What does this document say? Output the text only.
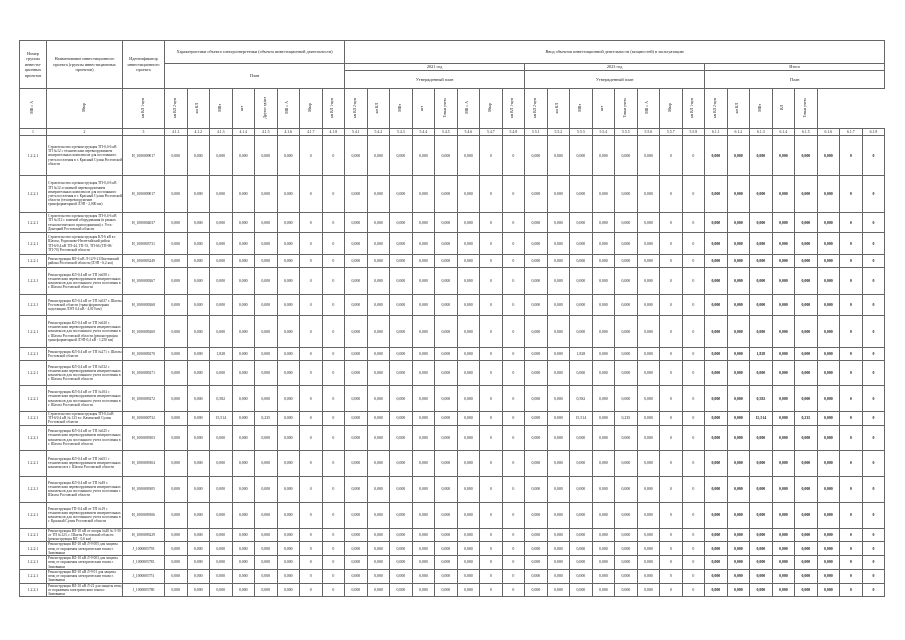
Номер группы инвести-ционных проектов	Наименование инвестиционного проекта (группы инвестиционных проектов)	Идентификатор инвестиционного проекта	Характеристики объекта электроэнергетики (объекта инвестиционной деятельности)								Ввод объектов инвестиционной деятельности (мощностей) в эксплуатацию																							
			План								2021 год								2023 год								Итого							
											Утвержденный план								Утвержденный план								План							
МВ×А	Мвар	км ВЛ 1-цеп	км ВЛ 2-цеп	км КЛ	МВт	шт	Другое ед/шт	МВ×А	Мвар	км ВЛ 1-цеп	км ВЛ 2-цеп	км КЛ	МВт	шт	Точки учета	МВ×А	Мвар	км ВЛ 1-цеп	км ВЛ 2-цеп	км КЛ	МВт	шт	Точки учета	МВ×А	Мвар	км ВЛ 1-цеп	км ВЛ 2-цеп	км КЛ	МВт	ВЛ	Точки учета			
1	2	3	4.1.1	4.1.2	4.1.3	4.1.4	4.1.5	4.1.6	4.1.7	4.1.8	5.4.1	5.4.2	5.4.3	5.4.4	5.4.5	5.4.6	5.4.7	5.4.8	5.5.1	5.5.2	5.5.3	5.5.4	5.5.5	5.5.6	5.5.7	5.5.8	6.1.1	6.1.2	6.1.3	6.1.4	6.1.5	6.1.6	6.1.7	6.1.8
1.2.2.1	Строительство и реконструкция ТП-0,4-6 кВ ТП №12 с техническим перевооружением измерительных комплексов для постоянного учета поселения в г. Красный Сулин Ростовской области	Н_1000009017	0,000	0,000	0,000	0,000	0,000	0,000	0	0	0,000	0,000	0,000	0,000	0,000	0,000	0	0	0,000	0,000	0,000	0,000	0,000	0,000	0	0	0,000	0,000	0,000	0,000	0,000	0,000	0	0
1.2.2.1	Строительство и реконструкция ТП-0,4-6 кВ ТП №12 и заменой перевооружением измерительных комплексов для постоянного учета поселения в г. Красный Сулин Ростовской области (техперевооружение трансформаторной ЛЭП - 2,000 км)	Н_1000009017	0,000	0,000	0,000	0,000	0,000	0,000	0	0	0,000	0,000	0,000	0,000	0,000	0,000	0	0	0,000	0,000	0,000	0,000	0,000	0,000	0	0	0,000	0,000	0,000	0,000	0,000	0,000	0	0
1.2.2.1	Строительство и реконструкция ТП-0,4-6 кВ ТП №112 с заменой оборудования (в рамках технологического присоединения) г. Усть-Донецкий Ростовской области	Н_1000004037	0,000	0,000	0,000	0,000	0,000	0,000	0	0	0,000	0,000	0,000	0,000	0,000	0,000	0	0	0,000	0,000	0,000	0,000	0,000	0,000	0	0	0,000	0,000	0,000	0,000	0,000	0,000	0	0
1.2.2.1	Строительство и реконструкция КЛ-6 кВ в г. Шахты, Родионово-Несветайский район ТП-6/0,4 кВ ТП-44, ТП-53, ТП-66 (ТП-69/ТП-70) Ростовской области	Н_1000003731	0,000	0,000	0,000	0,000	0,000	0,000	0	0	0,000	0,000	0,000	0,000	0,000	0,000	0	0	0,000	0,000	0,000	0,000	0,000	0,000	0	0	0,000	0,000	0,000	0,000	0,000	0,000	0	0
1.2.2.1	Реконструкция ВЛ-6 кВ Л-12/9-2 Шахтинский района Ростовской области (ЛЭП - 6,2 км)	Н_1000003249	0,000	0,000	0,000	0,000	0,000	0,000	0	0	0,000	0,000	0,000	0,000	0,000	0,000	0	0	0,000	0,000	0,000	0,000	0,000	0,000	0	0	0,000	0,000	0,000	0,000	0,000	0,000	0	0
1.2.2.1	Реконструкция КЛ-0,4 кВ от ТП №658 с техническим перевооружением измерительных комплексов для постоянного учета поселения в г. Шахты Ростовской области	Н_1000009267	0,000	0,000	0,000	0,000	0,000	0,000	0	0	0,000	0,000	0,000	0,000	0,000	0,000	0	0	0,000	0,000	0,000	0,000	0,000	0,000	0	0	0,000	0,000	0,000	0,000	0,000	0,000	0	0
1.2.2.1	Реконструкция КЛ-0,4 кВ от ТП №637 г. Шахты Ростовской области (трансформаторная подстанция ЛЭП 0,4 кВ - 4,019 км)	Н_1000009268	0,000	0,000	0,000	0,000	0,000	0,000	0	0	0,000	0,000	0,000	0,000	0,000	0,000	0	0	0,000	0,000	0,000	0,000	0,000	0,000	0	0	0,000	0,000	0,000	0,000	0,000	0,000	0	0
1.2.2.1	Реконструкция КЛ-0,4 кВ от ТП №620 с техническим перевооружением измерительных комплексов для постоянного учета поселения в г. Шахты Ростовской области (реконструкция трансформаторной ЛЭП-0,4 кВ - 1,250 км)	Н_1000009269	0,000	0,000	0,000	0,000	0,000	0,000	0	0	0,000	0,000	0,000	0,000	0,000	0,000	0	0	0,000	0,000	0,000	0,000	0,000	0,000	0	0	0,000	0,000	0,000	0,000	0,000	0,000	0	0
1.2.2.1	Реконструкция КЛ-0,4 кВ от ТП №271 г. Шахты Ростовской области	Н_1000009270	0,000	0,000	1,828	0,000	0,000	0,000	0	0	0,000	0,000	0,000	0,000	0,000	0,000	0	0	0,000	0,000	1,828	0,000	0,000	0,000	0	0	0,000	0,000	1,828	0,000	0,000	0,000	0	0
1.2.2.1	Реконструкция КЛ-0,4 кВ от ТП №532 с техническим перевооружением измерительных комплексов для постоянного учета поселения в г. Шахты Ростовской области	Н_1000009271	0,000	0,000	0,000	0,000	0,000	0,000	0	0	0,000	0,000	0,000	0,000	0,000	0,000	0	0	0,000	0,000	0,000	0,000	0,000	0,000	0	0	0,000	0,000	0,000	0,000	0,000	0,000	0	0
1.2.2.1	Реконструкция КЛ-0,4 кВ от ТП №104 с техническим перевооружением измерительных комплексов для постоянного учета поселения в г. Шахты Ростовской области	Н_1000009272	0,000	0,000	0,582	0,000	0,000	0,000	0	0	0,000	0,000	0,000	0,000	0,000	0,000	0	0	0,000	0,000	0,582	0,000	0,000	0,000	0	0	0,000	0,000	0,582	0,000	0,000	0,000	0	0
1.2.2.1	Строительство и реконструкция ТП-0,4 кВ ТП-6/0,4 кВ № 123 в г. Каменский Сулин Ростовской области	Н_1000000732	0,000	0,000	15,514	0,000	0,235	0,000	0	0	0,000	0,000	0,000	0,000	0,000	0,000	0	0	0,000	0,000	15,514	0,000	0,235	0,000	0	0	0,000	0,000	15,514	0,000	0,235	0,000	0	0
1.2.2.1	Реконструкция КЛ-0,4 кВ от ТП №625 с техническим перевооружением измерительных комплексов для постоянного учета поселения в г. Шахты Ростовской области	Н_1000009303	0,000	0,000	0,000	0,000	0,000	0,000	0	0	0,000	0,000	0,000	0,000	0,000	0,000	0	0	0,000	0,000	0,000	0,000	0,000	0,000	0	0	0,000	0,000	0,000	0,000	0,000	0,000	0	0
1.2.2.1	Реконструкция КЛ-0,4 кВ от ТП №651 с техническим перевооружением измерительных комплексов в г. Шахты Ростовской области	Н_1000009304	0,000	0,000	0,000	0,000	0,000	0,000	0	0	0,000	0,000	0,000	0,000	0,000	0,000	0	0	0,000	0,000	0,000	0,000	0,000	0,000	0	0	0,000	0,000	0,000	0,000	0,000	0,000	0	0
1.2.2.1	Реконструкция КЛ-0,4 кВ от ТП №49 с техническим перевооружением измерительных комплексов для постоянного учета поселения г. Шахты Ростовской области	Н_1000009305	0,000	0,000	0,000	0,000	0,000	0,000	0	0	0,000	0,000	0,000	0,000	0,000	0,000	0	0	0,000	0,000	0,000	0,000	0,000	0,000	0	0	0,000	0,000	0,000	0,000	0,000	0,000	0	0
1.2.2.1	Реконструкция ТП-0,4 кВ от ТП №19 с техническим перевооружением измерительных комплексов для постоянного учета поселения в г. Красный Сулин Ростовской области	Н_1000009306	0,000	0,000	0,000	0,000	0,000	0,000	0	0	0,000	0,000	0,000	0,000	0,000	0,000	0	0	0,000	0,000	0,000	0,000	0,000	0,000	0	0	0,000	0,000	0,000	0,000	0,000	0,000	0	0
1.2.2.1	Реконструкция ВЛ-10 кВ от опоры №40 № 5-50 от ТП №123, г. Шахты Ростовской области (реконструкция ВЛ - 0,6 км)	Н_1000009229	0,000	0,000	0,000	0,000	0,000	0,000	0	0	0,000	0,000	0,000	0,000	0,000	0,000	0	0	0,000	0,000	0,000	0,000	0,000	0,000	0	0	0,000	0,000	0,000	0,000	0,000	0,000	0	0
1.2.2.1	Реконструкция ВЛ-10 кВ Л-9 005 для защиты птиц от поражения электрическим током г. Зимовники	Ј_1000005793	0,000	0,000	0,000	0,000	0,000	0,000	0	0	0,000	0,000	0,000	0,000	0,000	0,000	0	0	0,000	0,000	0,000	0,000	0,000	0,000	0	0	0,000	0,000	0,000	0,000	0,000	0,000	0	0
1.2.2.1	Реконструкция ВЛ-10 кВ Л-9 003 для защиты птиц от поражения электрическим током г. Зимовники	Ј_1000005783	0,000	0,000	0,000	0,000	0,000	0,000	0	0	0,000	0,000	0,000	0,000	0,000	0,000	0	0	0,000	0,000	0,000	0,000	0,000	0,000	0	0	0,000	0,000	0,000	0,000	0,000	0,000	0	0
1.2.2.1	Реконструкция ВЛ-10 кВ Л-9 01 для защиты птиц от поражения электрическим током г. Зимовники	Ј_1000005751	0,000	0,000	0,000	0,000	0,000	0,000	0	0	0,000	0,000	0,000	0,000	0,000	0,000	0	0	0,000	0,000	0,000	0,000	0,000	0,000	0	0	0,000	0,000	0,000	0,000	0,000	0,000	0	0
1.2.2.1	Реконструкция ВЛ-10 кВ Л-21 для защиты птиц от поражения электрическим током г. Зимовники	Ј_1000005780	0,000	0,000	0,000	0,000	0,000	0,000	0	0	0,000	0,000	0,000	0,000	0,000	0,000	0	0	0,000	0,000	0,000	0,000	0,000	0,000	0	0	0,000	0,000	0,000	0,000	0,000	0,000	0	0
